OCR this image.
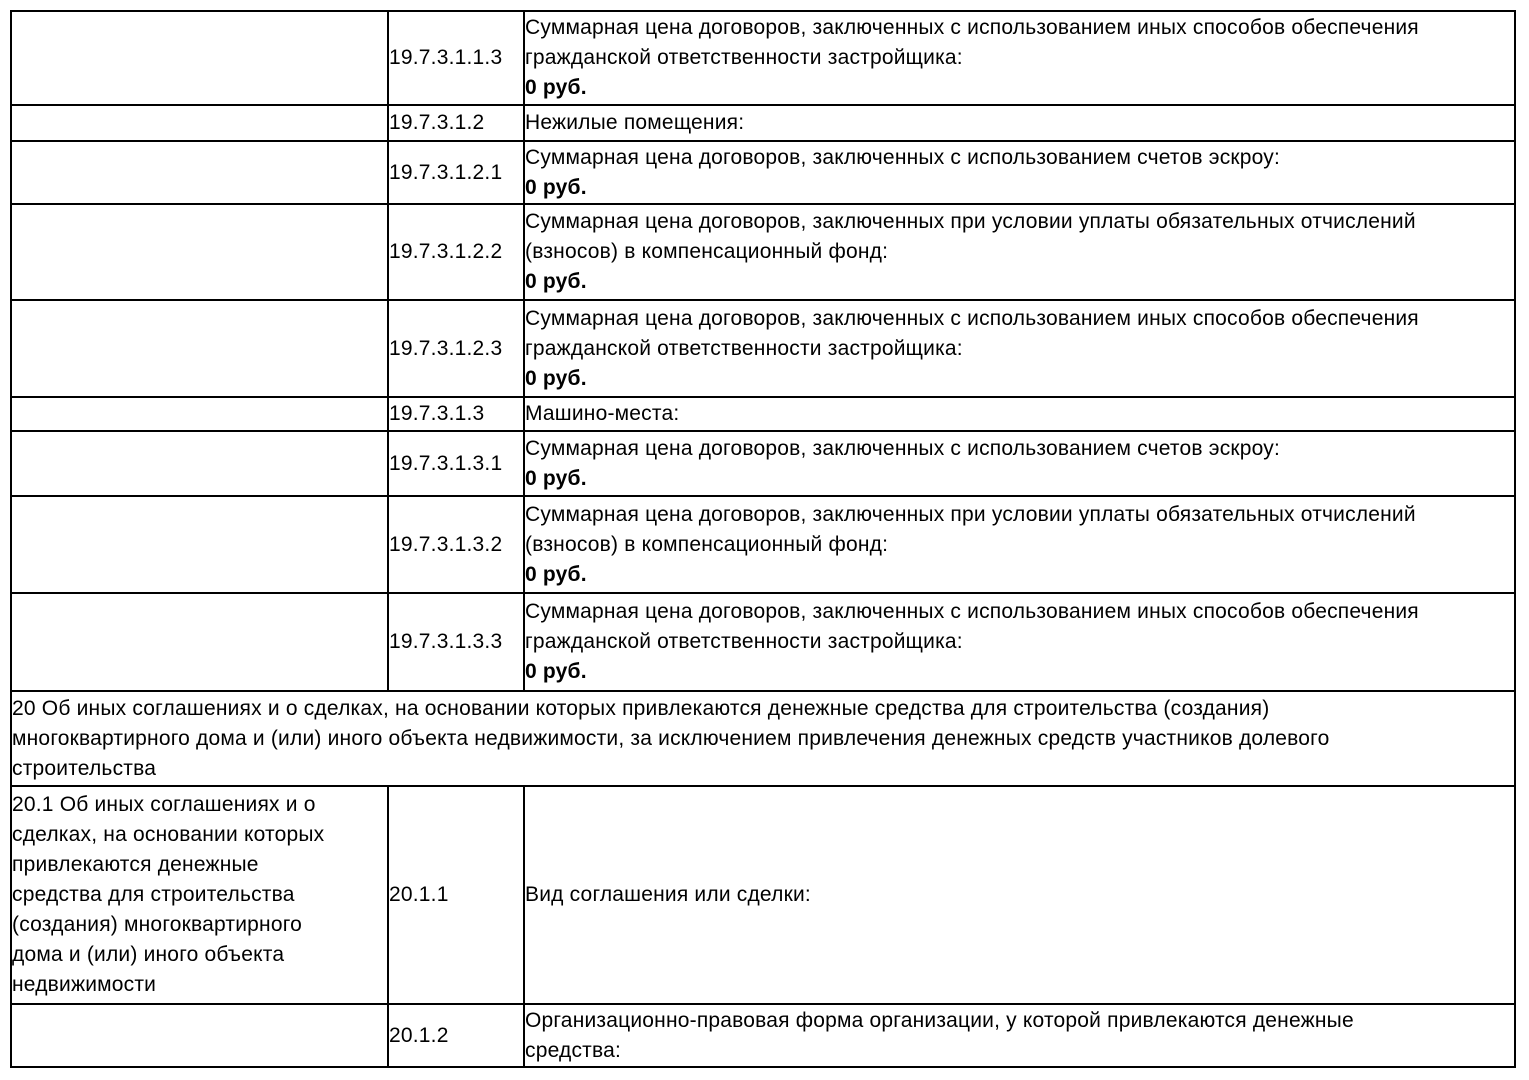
	19.7.3.1.1.3	Суммарная цена договоров, заключенных с использованием иных способов обеспечения
гражданской ответственности застройщика:
0 руб.

	19.7.3.1.2	Нежилые помещения:

	19.7.3.1.2.1	Суммарная цена договоров, заключенных с использованием счетов эскроу:
0 руб.

	19.7.3.1.2.2	Суммарная цена договоров, заключенных при условии уплаты обязательных отчислений
(взносов) в компенсационный фонд:
0 руб.

	19.7.3.1.2.3	Суммарная цена договоров, заключенных с использованием иных способов обеспечения
гражданской ответственности застройщика:
0 руб.

	19.7.3.1.3	Машино-места:

	19.7.3.1.3.1	Суммарная цена договоров, заключенных с использованием счетов эскроу:
0 руб.

	19.7.3.1.3.2	Суммарная цена договоров, заключенных при условии уплаты обязательных отчислений
(взносов) в компенсационный фонд:
0 руб.

	19.7.3.1.3.3	Суммарная цена договоров, заключенных с использованием иных способов обеспечения
гражданской ответственности застройщика:
0 руб.

20 Об иных соглашениях и о сделках, на основании которых привлекаются денежные средства для строительства (создания)
многоквартирного дома и (или) иного объекта недвижимости, за исключением привлечения денежных средств участников долевого
строительства		

20.1 Об иных соглашениях и о
сделках, на основании которых
привлекаются денежные
средства для строительства
(создания) многоквартирного
дома и (или) иного объекта
недвижимости
	20.1.1	Вид соглашения или сделки:

	20.1.2	Организационно-правовая форма организации, у которой привлекаются денежные
средства:
